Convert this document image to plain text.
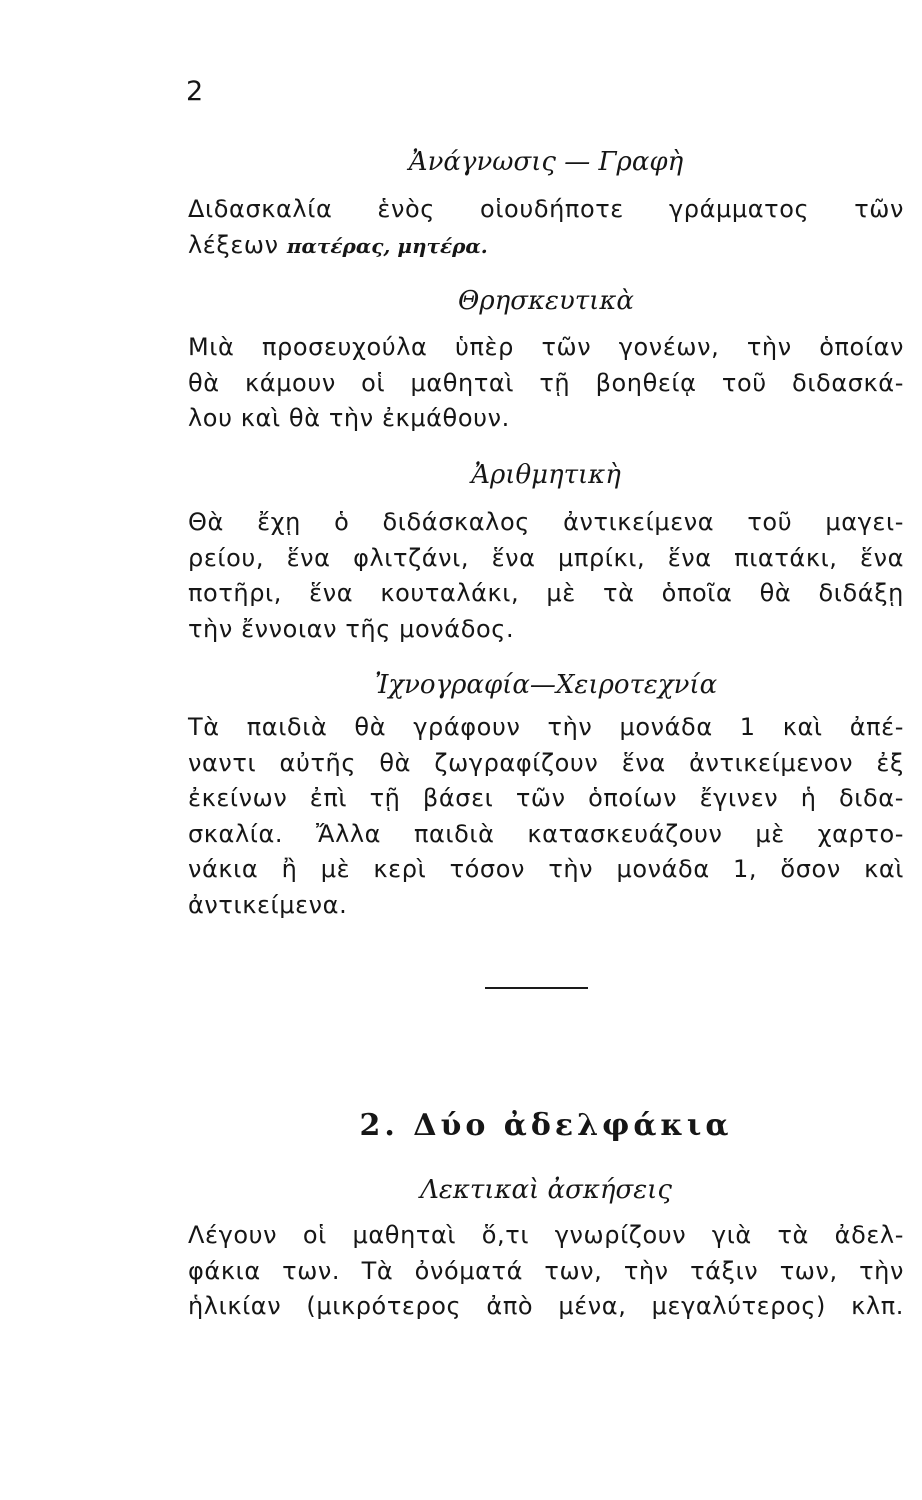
2
Ἀνάγνωσις — Γραφὴ
Διδασκαλία ἑνὸς οἱουδήποτε γράμματος τῶν
λέξεων πατέρας, μητέρα.
Θρησκευτικὰ
Μιὰ προσευχούλα ὑπὲρ τῶν γονέων, τὴν ὁποίαν
θὰ κάμουν οἱ μαθηταὶ τῇ βοηθείᾳ τοῦ διδασκά-
λου καὶ θὰ τὴν ἐκμάθουν.
Ἀριθμητικὴ
Θὰ ἔχῃ ὁ διδάσκαλος ἀντικείμενα τοῦ μαγει-
ρείου, ἕνα φλιτζάνι, ἕνα μπρίκι, ἕνα πιατάκι, ἕνα
ποτῆρι, ἕνα κουταλάκι, μὲ τὰ ὁποῖα θὰ διδάξῃ
τὴν ἔννοιαν τῆς μονάδος.
Ἰχνογραφία—Χειροτεχνία
Τὰ παιδιὰ θὰ γράφουν τὴν μονάδα 1 καὶ ἀπέ-
ναντι αὐτῆς θὰ ζωγραφίζουν ἕνα ἀντικείμενον ἐξ
ἐκείνων ἐπὶ τῇ βάσει τῶν ὁποίων ἔγινεν ἡ διδα-
σκαλία. Ἄλλα παιδιὰ κατασκευάζουν μὲ χαρτο-
νάκια ἢ μὲ κερὶ τόσον τὴν μονάδα 1, ὅσον καὶ
ἀντικείμενα.
2. Δύο ἀδελφάκια
Λεκτικαὶ ἀσκήσεις
Λέγουν οἱ μαθηταὶ ὅ,τι γνωρίζουν γιὰ τὰ ἀδελ-
φάκια των. Τὰ ὀνόματά των, τὴν τάξιν των, τὴν
ἡλικίαν (μικρότερος ἀπὸ μένα, μεγαλύτερος) κλπ.
